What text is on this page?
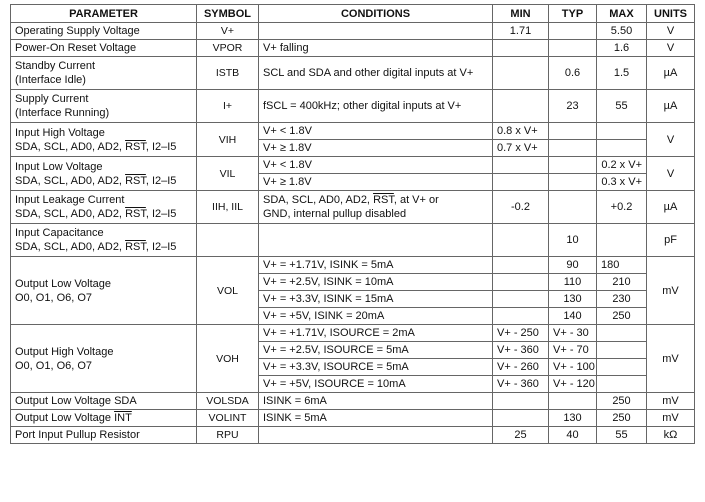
PARAMETER	SYMBOL	CONDITIONS	MIN	TYP	MAX	UNITS
Operating Supply Voltage	V+		1.71		5.50	V
Power-On Reset Voltage	VPOR	V+ falling			1.6	V

Standby Current
(Interface Idle)	ISTB	SCL and SDA and other digital inputs at V+		0.6	1.5	µA

Supply Current
(Interface Running)	I+	fSCL = 400kHz; other digital inputs at V+		23	55	µA

Input High Voltage
SDA, SCL, AD0, AD2, $\overline{RST}$, I2–I5	VIH	V+ < 1.8V	0.8 x V+			V
		V+ ≥ 1.8V	0.7 x V+			

Input Low Voltage
SDA, SCL, AD0, AD2, $\overline{RST}$, I2–I5	VIL	V+ < 1.8V			0.2 x V+	V
		V+ ≥ 1.8V			0.3 x V+	

Input Leakage Current
SDA, SCL, AD0, AD2, $\overline{RST}$, I2–I5	IIH, IIL	SDA, SCL, AD0, AD2, $\overline{RST}$, at V+ or
GND, internal pullup disabled	-0.2		+0.2	µA

Input Capacitance
SDA, SCL, AD0, AD2, $\overline{RST}$, I2–I5				10		pF

Output Low Voltage
O0, O1, O6, O7	VOL	V+ = +1.71V, ISINK = 5mA		90	180	mV
		V+ = +2.5V, ISINK = 10mA		110	210	
		V+ = +3.3V, ISINK = 15mA		130	230	
		V+ = +5V, ISINK = 20mA		140	250	

Output High Voltage
O0, O1, O6, O7	VOH	V+ = +1.71V, ISOURCE = 2mA	V+ - 250	V+ - 30		mV
		V+ = +2.5V, ISOURCE = 5mA	V+ - 360	V+ - 70		
		V+ = +3.3V, ISOURCE = 5mA	V+ - 260	V+ - 100		
		V+ = +5V, ISOURCE = 10mA	V+ - 360	V+ - 120		
Output Low Voltage SDA	VOLSDA	ISINK = 6mA			250	mV
Output Low Voltage $\overline{INT}$	VOLINT	ISINK = 5mA		130	250	mV
Port Input Pullup Resistor	RPU		25	40	55	kΩ
